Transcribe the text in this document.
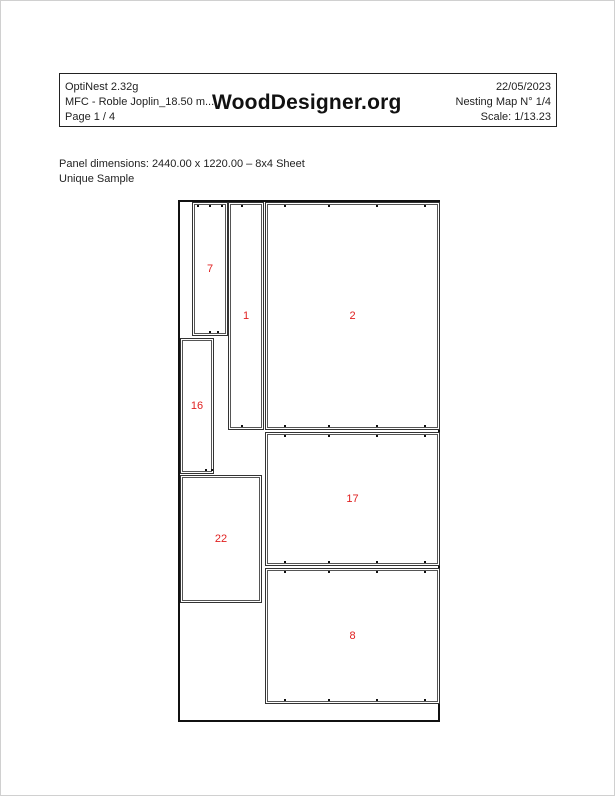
OptiNest 2.32g
MFC - Roble Joplin_18.50 m...
Page 1 / 4
WoodDesigner.org
22/05/2023
Nesting Map N° 1/4
Scale: 1/13.23
Panel dimensions: 2440.00 x 1220.00 – 8x4 Sheet
Unique Sample
7
1	2
16
17
22
8
